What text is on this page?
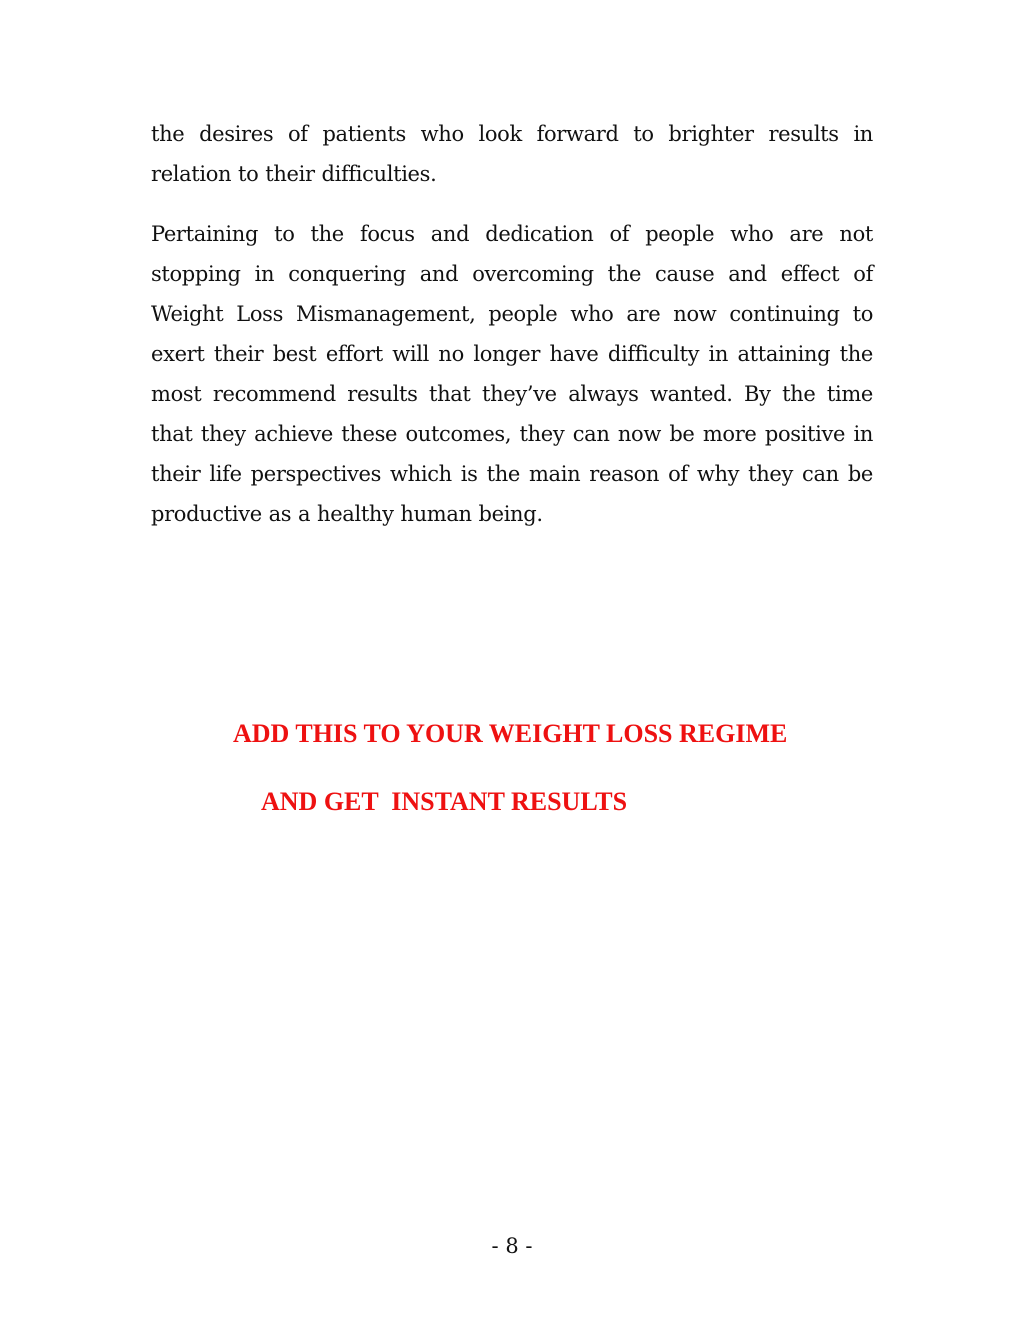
the desires of patients who look forward to brighter results in relation to their difficulties.

Pertaining to the focus and dedication of people who are not stopping in conquering and overcoming the cause and effect of Weight Loss Mismanagement, people who are now continuing to exert their best effort will no longer have difficulty in attaining the most recommend results that they’ve always wanted. By the time that they achieve these outcomes, they can now be more positive in their life perspectives which is the main reason of why they can be productive as a healthy human being.

ADD THIS TO YOUR WEIGHT LOSS REGIME

AND GET  INSTANT RESULTS

- 8 -
